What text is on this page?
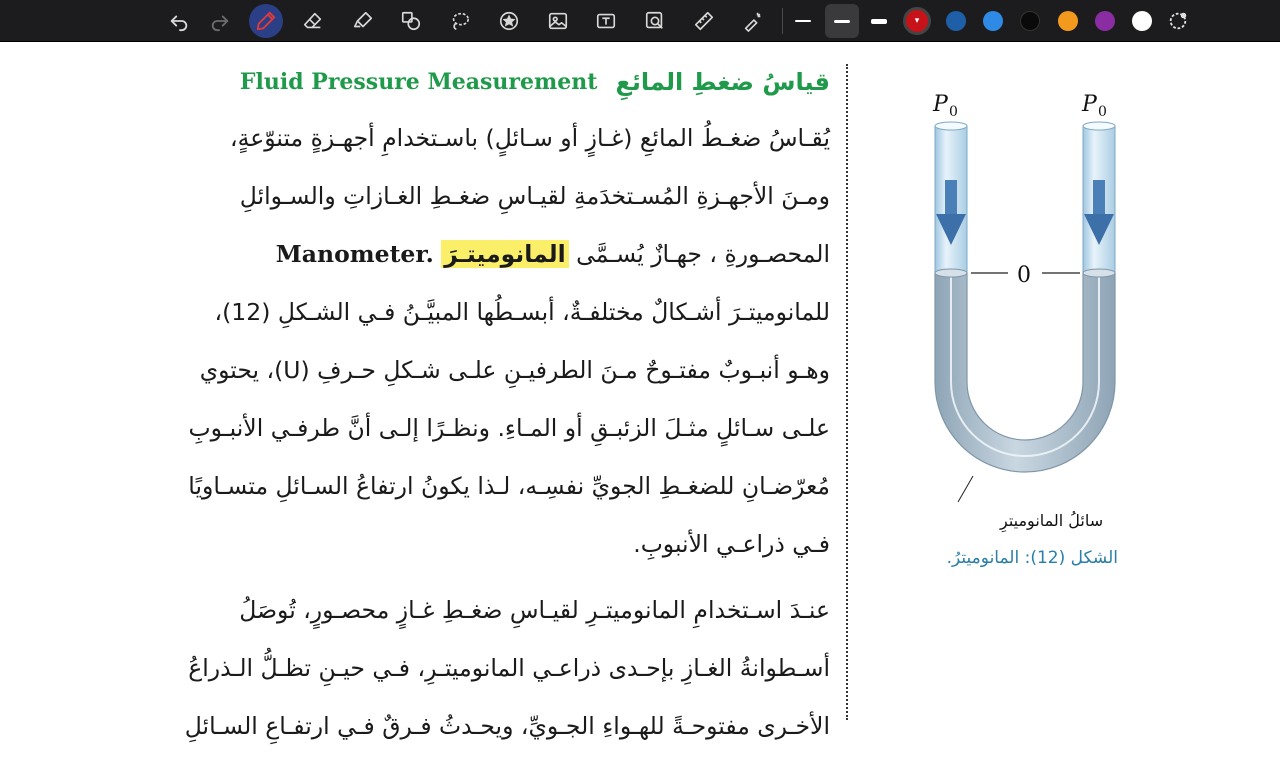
▾
Fluid Pressure Measurement قياسُ ضغطِ المائعِ
يُقـاسُ ضغـطُ المائعِ (غـازٍ أو سـائلٍ) باسـتخدامِ أجهـزةٍ متنوّعةٍ،
ومـنَ الأجهـزةِ المُسـتخدَمةِ لقيـاسِ ضغـطِ الغـازاتِ والسـوائلِ
المحصـورةِ ، جهـازٌ يُسـمَّى المانوميتـرَ Manometer.
للمانوميتـرَ أشـكالٌ مختلفـةٌ، أبسـطُها المبيَّـنُ فـي الشـكلِ (12)،
وهـو أنبـوبٌ مفتـوحٌ مـنَ الطرفيـنِ علـى شـكلِ حـرفِ (U)، يحتوي
علـى سـائلٍ مثـلَ الزئبـقِ أو المـاءِ. ونظـرًا إلـى أنَّ طرفـي الأنبـوبِ
مُعرّضـانِ للضغـطِ الجويِّ نفسِـه، لـذا يكونُ ارتفاعُ السـائلِ متسـاويًا
فـي ذراعـي الأنبوبِ.
عنـدَ اسـتخدامِ المانوميتـرِ لقيـاسِ ضغـطِ غـازٍ محصـورٍ، تُوصَلُ
أسـطوانةُ الغـازِ بإحـدى ذراعـي المانوميتـرِ، فـي حيـنِ تظـلُّ الـذراعُ
الأخـرى مفتوحـةً للهـواءِ الجـويِّ، ويحـدثُ فـرقٌ فـي ارتفـاعِ السـائلِ
0
P 0	P 0
سائلُ المانوميترِ
الشكل (12): المانوميترُ.
